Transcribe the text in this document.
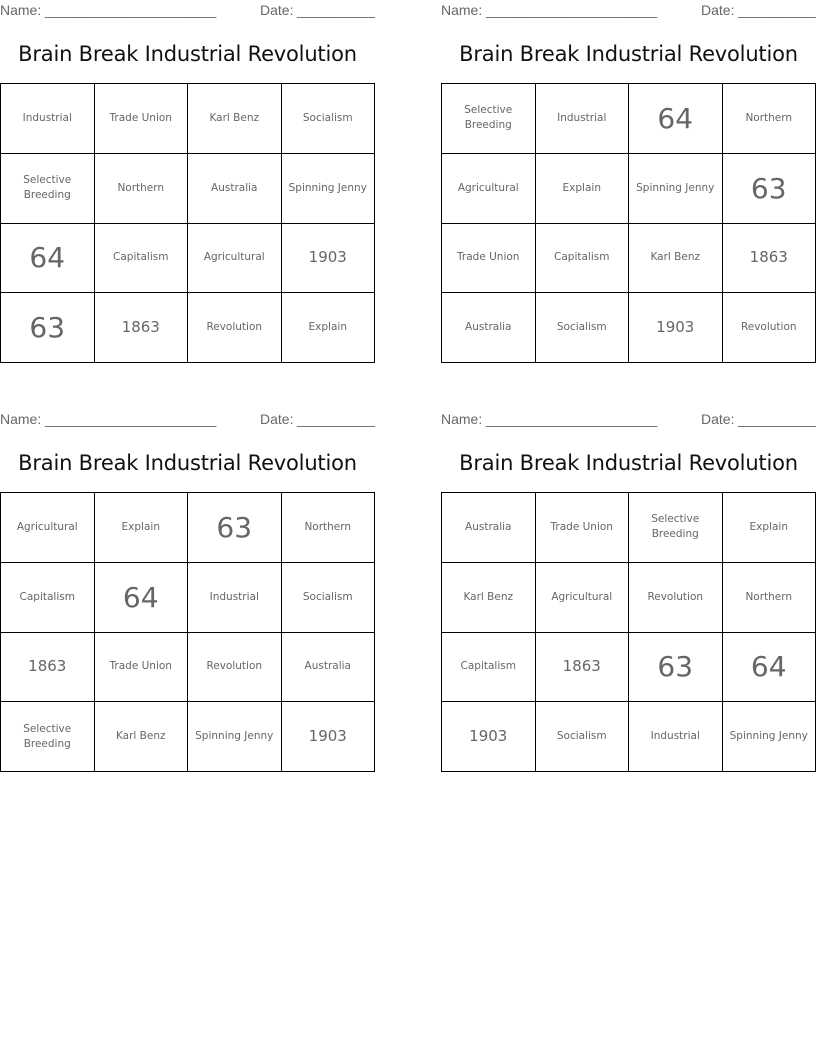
Name: ______________________	Date: __________
Brain Break Industrial Revolution
Industrial	Trade Union	Karl Benz	Socialism
Selective Breeding	Northern	Australia	Spinning Jenny
64	Capitalism	Agricultural	1903
63	1863	Revolution	Explain
Name: ______________________	Date: __________
Brain Break Industrial Revolution
Selective Breeding	Industrial	64	Northern
Agricultural	Explain	Spinning Jenny	63
Trade Union	Capitalism	Karl Benz	1863
Australia	Socialism	1903	Revolution
Name: ______________________	Date: __________
Brain Break Industrial Revolution
Agricultural	Explain	63	Northern
Capitalism	64	Industrial	Socialism
1863	Trade Union	Revolution	Australia
Selective Breeding	Karl Benz	Spinning Jenny	1903
Name: ______________________	Date: __________
Brain Break Industrial Revolution
Australia	Trade Union	Selective Breeding	Explain
Karl Benz	Agricultural	Revolution	Northern
Capitalism	1863	63	64
1903	Socialism	Industrial	Spinning Jenny
